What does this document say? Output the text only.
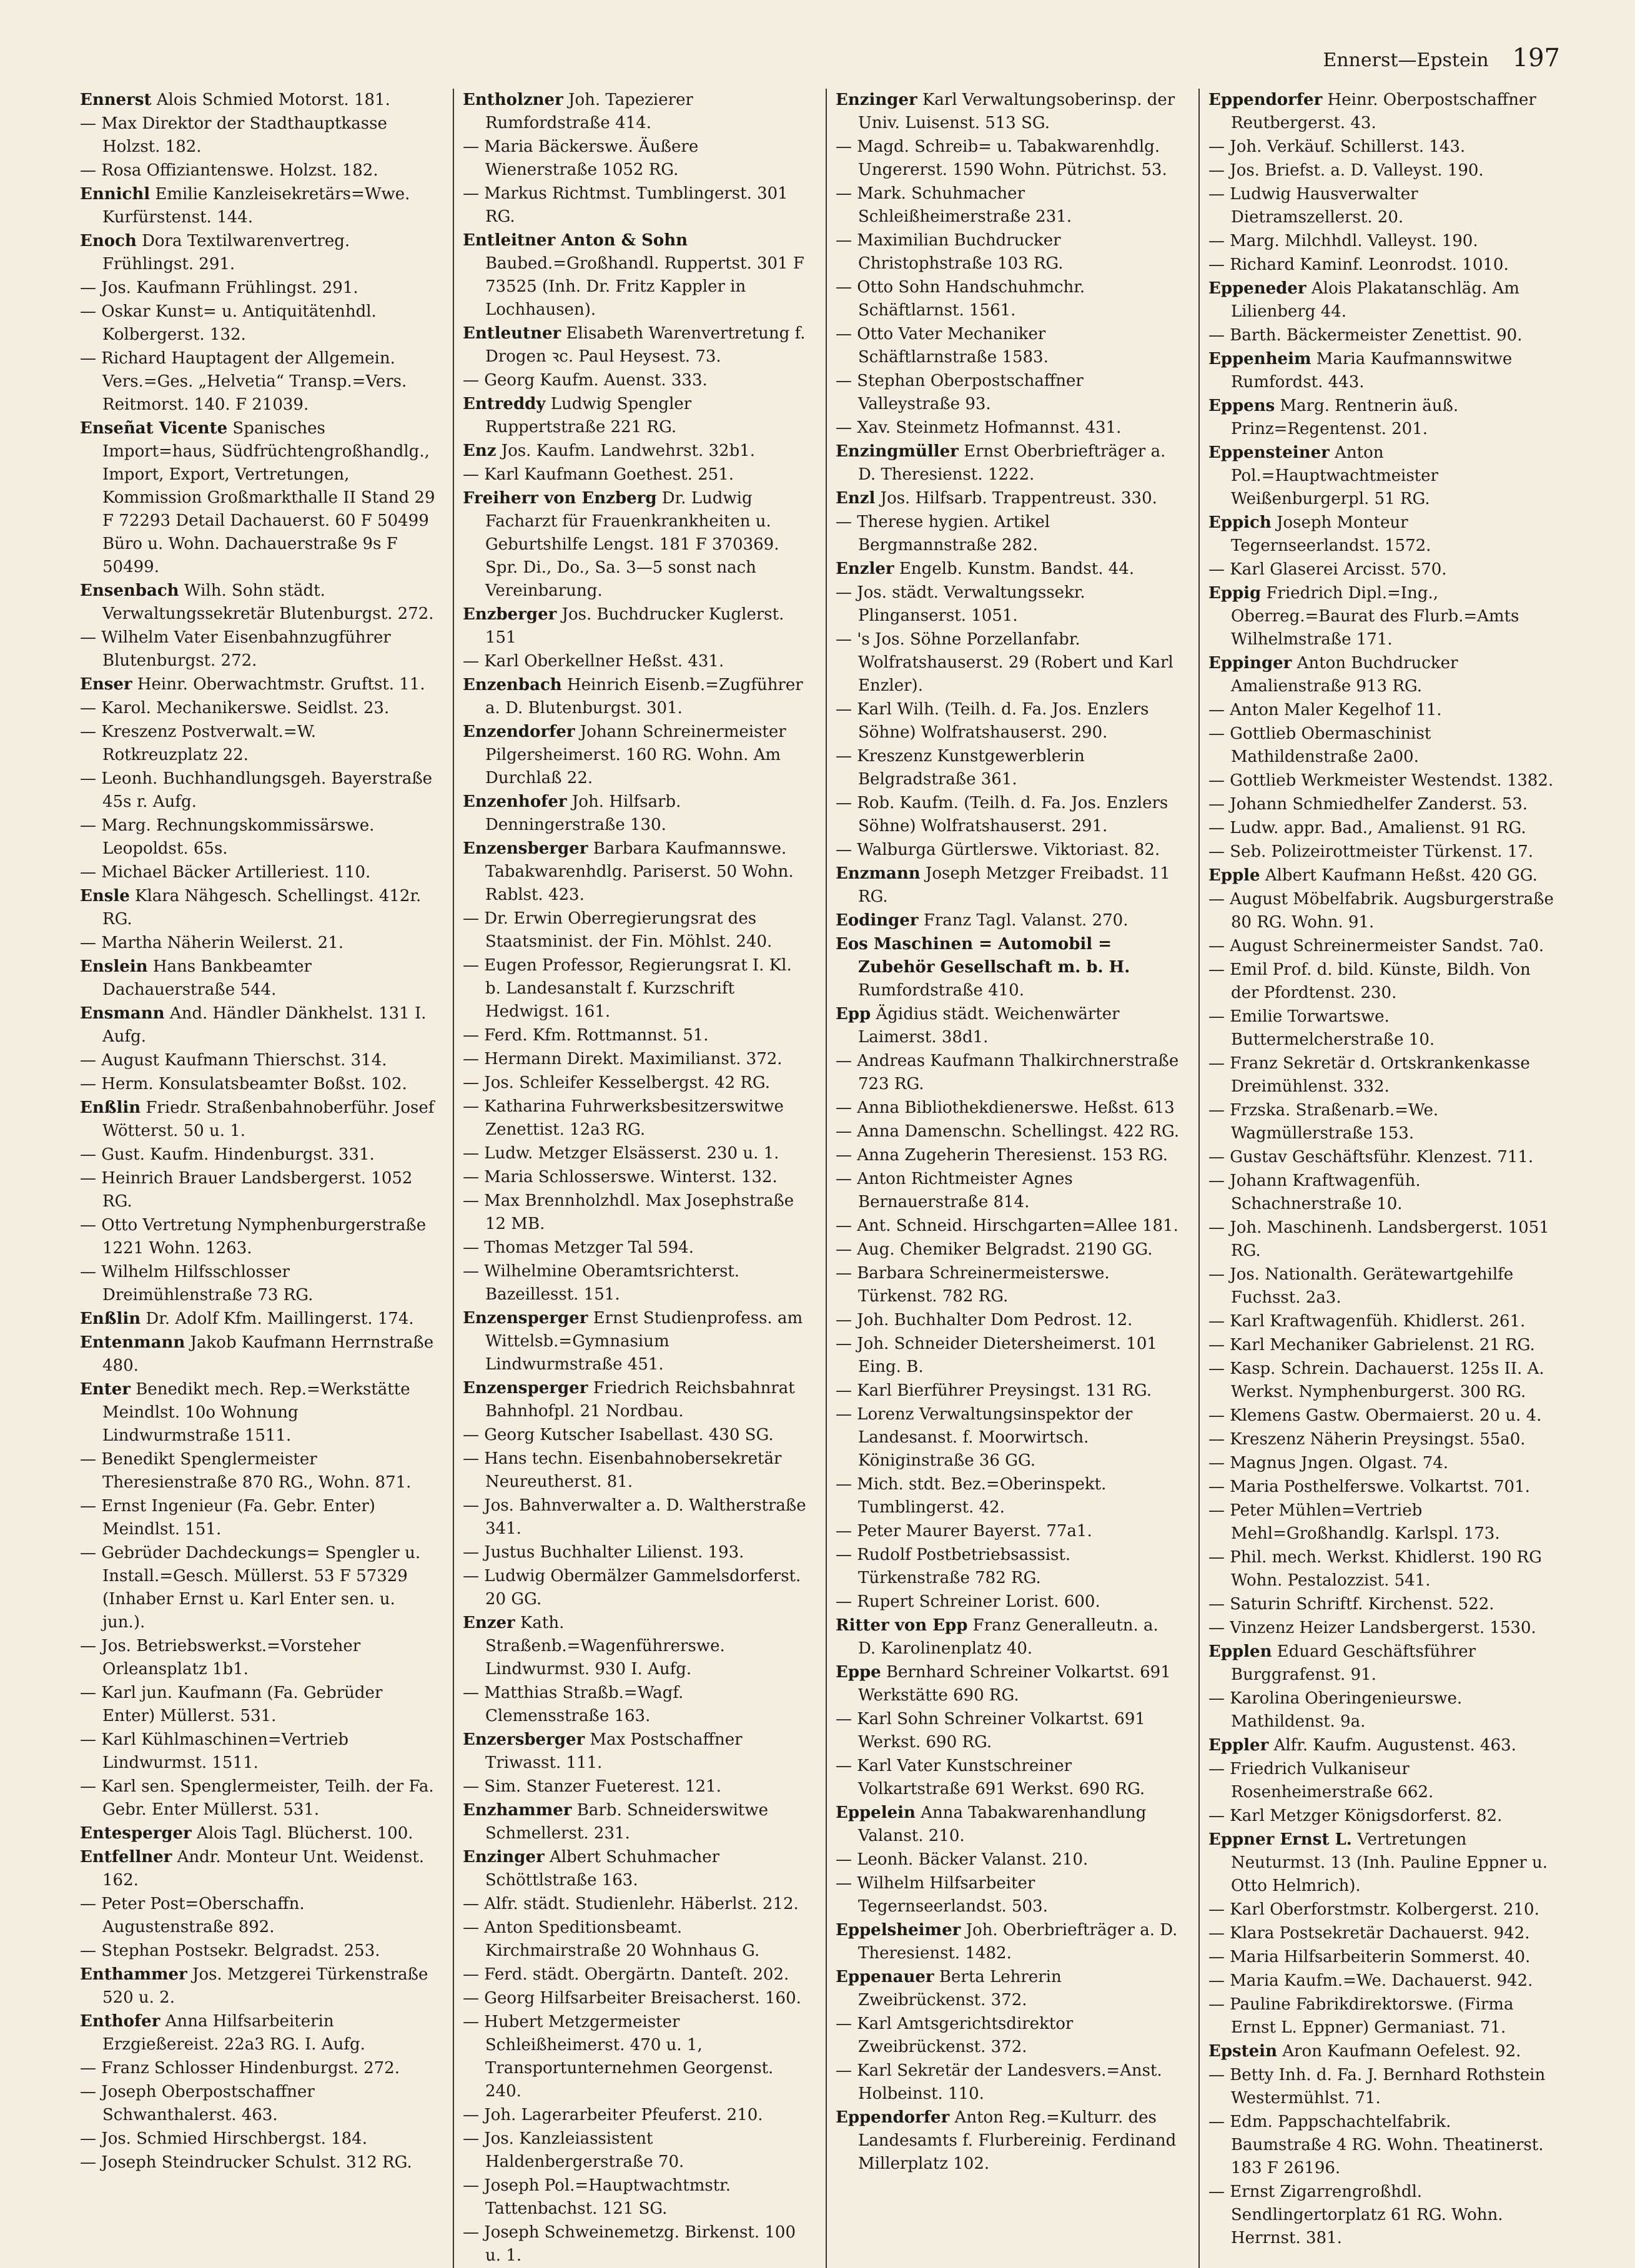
Ennerst—Epstein 197
Ennerst Alois Schmied Motorst. 181.
— Max Direktor der Stadthauptkasse Holzst. 182.
— Rosa Offiziantenswe. Holzst. 182.
Ennichl Emilie Kanzleisekretärs=Wwe. Kurfürstenst. 144.
Enoch Dora Textilwarenvertreg. Frühlingst. 291.
— Jos. Kaufmann Frühlingst. 291.
— Oskar Kunst= u. Antiquitätenhdl. Kolbergerst. 132.
— Richard Hauptagent der Allgemein. Vers.=Ges. „Helvetia“ Transp.=Vers. Reitmorst. 140. F 21039.
Enseñat Vicente Spanisches Import=haus, Südfrüchtengroßhandlg., Import, Export, Vertretungen, Kommission Großmarkthalle II Stand 29 F 72293 Detail Dachauerst. 60 F 50499 Büro u. Wohn. Dachauerstraße 9s F 50499.
Ensenbach Wilh. Sohn städt. Verwaltungssekretär Blutenburgst. 272.
— Wilhelm Vater Eisenbahnzugführer Blutenburgst. 272.
Enser Heinr. Oberwachtmstr. Gruftst. 11.
— Karol. Mechanikerswe. Seidlst. 23.
— Kreszenz Postverwalt.=W. Rotkreuzplatz 22.
— Leonh. Buchhandlungsgeh. Bayerstraße 45s r. Aufg.
— Marg. Rechnungskommissärswe. Leopoldst. 65s.
— Michael Bäcker Artilleriest. 110.
Ensle Klara Nähgesch. Schellingst. 412r. RG.
— Martha Näherin Weilerst. 21.
Enslein Hans Bankbeamter Dachauerstraße 544.
Ensmann And. Händler Dänkhelst. 131 I. Aufg.
— August Kaufmann Thierschst. 314.
— Herm. Konsulatsbeamter Boßst. 102.
Enßlin Friedr. Straßenbahnoberführ. Josef Wötterst. 50 u. 1.
— Gust. Kaufm. Hindenburgst. 331.
— Heinrich Brauer Landsbergerst. 1052 RG.
— Otto Vertretung Nymphenburgerstraße 1221 Wohn. 1263.
— Wilhelm Hilfsschlosser Dreimühlenstraße 73 RG.
Enßlin Dr. Adolf Kfm. Maillingerst. 174.
Entenmann Jakob Kaufmann Herrnstraße 480.
Enter Benedikt mech. Rep.=Werkstätte Meindlst. 10o Wohnung Lindwurmstraße 1511.
— Benedikt Spenglermeister Theresienstraße 870 RG., Wohn. 871.
— Ernst Ingenieur (Fa. Gebr. Enter) Meindlst. 151.
— Gebrüder Dachdeckungs= Spengler u. Install.=Gesch. Müllerst. 53 F 57329 (Inhaber Ernst u. Karl Enter sen. u. jun.).
— Jos. Betriebswerkst.=Vorsteher Orleansplatz 1b1.
— Karl jun. Kaufmann (Fa. Gebrüder Enter) Müllerst. 531.
— Karl Kühlmaschinen=Vertrieb Lindwurmst. 1511.
— Karl sen. Spenglermeister, Teilh. der Fa. Gebr. Enter Müllerst. 531.
Entesperger Alois Tagl. Blücherst. 100.
Entfellner Andr. Monteur Unt. Weidenst. 162.
— Peter Post=Oberschaffn. Augustenstraße 892.
— Stephan Postsekr. Belgradst. 253.
Enthammer Jos. Metzgerei Türkenstraße 520 u. 2.
Enthofer Anna Hilfsarbeiterin Erzgießereist. 22a3 RG. I. Aufg.
— Franz Schlosser Hindenburgst. 272.
— Joseph Oberpostschaffner Schwanthalerst. 463.
— Jos. Schmied Hirschbergst. 184.
— Joseph Steindrucker Schulst. 312 RG.
Entholzner Joh. Tapezierer Rumfordstraße 414.
— Maria Bäckerswe. Äußere Wienerstraße 1052 RG.
— Markus Richtmst. Tumblingerst. 301 RG.
Entleitner Anton & Sohn Baubed.=Großhandl. Ruppertst. 301 F 73525 (Inh. Dr. Fritz Kappler in Lochhausen).
Entleutner Elisabeth Warenvertretung f. Drogen ꝛc. Paul Heysest. 73.
— Georg Kaufm. Auenst. 333.
Entreddy Ludwig Spengler Ruppertstraße 221 RG.
Enz Jos. Kaufm. Landwehrst. 32b1.
— Karl Kaufmann Goethest. 251.
Freiherr von Enzberg Dr. Ludwig Facharzt für Frauenkrankheiten u. Geburtshilfe Lengst. 181 F 370369. Spr. Di., Do., Sa. 3—5 sonst nach Vereinbarung.
Enzberger Jos. Buchdrucker Kuglerst. 151
— Karl Oberkellner Heßst. 431.
Enzenbach Heinrich Eisenb.=Zugführer a. D. Blutenburgst. 301.
Enzendorfer Johann Schreinermeister Pilgersheimerst. 160 RG. Wohn. Am Durchlaß 22.
Enzenhofer Joh. Hilfsarb. Denningerstraße 130.
Enzensberger Barbara Kaufmannswe. Tabakwarenhdlg. Pariserst. 50 Wohn. Rablst. 423.
— Dr. Erwin Oberregierungsrat des Staatsminist. der Fin. Möhlst. 240.
— Eugen Professor, Regierungsrat I. Kl. b. Landesanstalt f. Kurzschrift Hedwigst. 161.
— Ferd. Kfm. Rottmannst. 51.
— Hermann Direkt. Maximilianst. 372.
— Jos. Schleifer Kesselbergst. 42 RG.
— Katharina Fuhrwerksbesitzerswitwe Zenettist. 12a3 RG.
— Ludw. Metzger Elsässerst. 230 u. 1.
— Maria Schlosserswe. Winterst. 132.
— Max Brennholzhdl. Max Josephstraße 12 MB.
— Thomas Metzger Tal 594.
— Wilhelmine Oberamtsrichterst. Bazeillesst. 151.
Enzensperger Ernst Studienprofess. am Wittelsb.=Gymnasium Lindwurmstraße 451.
Enzensperger Friedrich Reichsbahnrat Bahnhofpl. 21 Nordbau.
— Georg Kutscher Isabellast. 430 SG.
— Hans techn. Eisenbahnobersekretär Neureutherst. 81.
— Jos. Bahnverwalter a. D. Waltherstraße 341.
— Justus Buchhalter Lilienst. 193.
— Ludwig Obermälzer Gammelsdorferst. 20 GG.
Enzer Kath. Straßenb.=Wagenführerswe. Lindwurmst. 930 I. Aufg.
— Matthias Straßb.=Wagf. Clemensstraße 163.
Enzersberger Max Postschaffner Triwasst. 111.
— Sim. Stanzer Fueterest. 121.
Enzhammer Barb. Schneiderswitwe Schmellerst. 231.
Enzinger Albert Schuhmacher Schöttlstraße 163.
— Alfr. städt. Studienlehr. Häberlst. 212.
— Anton Speditionsbeamt. Kirchmairstraße 20 Wohnhaus G.
— Ferd. städt. Obergärtn. Danteſt. 202.
— Georg Hilfsarbeiter Breisacherst. 160.
— Hubert Metzgermeister Schleißheimerst. 470 u. 1, Transportunternehmen Georgenst. 240.
— Joh. Lagerarbeiter Pfeuferst. 210.
— Jos. Kanzleiassistent Haldenbergerstraße 70.
— Joseph Pol.=Hauptwachtmstr. Tattenbachst. 121 SG.
— Joseph Schweinemetzg. Birkenst. 100 u. 1.
Enzinger Karl Verwaltungsoberinsp. der Univ. Luisenst. 513 SG.
— Magd. Schreib= u. Tabakwarenhdlg. Ungererst. 1590 Wohn. Pütrichst. 53.
— Mark. Schuhmacher Schleißheimerstraße 231.
— Maximilian Buchdrucker Christophstraße 103 RG.
— Otto Sohn Handschuhmchr. Schäftlarnst. 1561.
— Otto Vater Mechaniker Schäftlarnstraße 1583.
— Stephan Oberpostschaffner Valleystraße 93.
— Xav. Steinmetz Hofmannst. 431.
Enzingmüller Ernst Oberbriefträger a. D. Theresienst. 1222.
Enzl Jos. Hilfsarb. Trappentreust. 330.
— Therese hygien. Artikel Bergmannstraße 282.
Enzler Engelb. Kunstm. Bandst. 44.
— Jos. städt. Verwaltungssekr. Plinganserst. 1051.
— 's Jos. Söhne Porzellanfabr. Wolfratshauserst. 29 (Robert und Karl Enzler).
— Karl Wilh. (Teilh. d. Fa. Jos. Enzlers Söhne) Wolfratshauserst. 290.
— Kreszenz Kunstgewerblerin Belgradstraße 361.
— Rob. Kaufm. (Teilh. d. Fa. Jos. Enzlers Söhne) Wolfratshauserst. 291.
— Walburga Gürtlerswe. Viktoriast. 82.
Enzmann Joseph Metzger Freibadst. 11 RG.
Eodinger Franz Tagl. Valanst. 270.
Eos Maschinen = Automobil = Zubehör Gesellschaft m. b. H. Rumfordstraße 410.
Epp Ägidius städt. Weichenwärter Laimerst. 38d1.
— Andreas Kaufmann Thalkirchnerstraße 723 RG.
— Anna Bibliothekdienerswe. Heßst. 613
— Anna Damenschn. Schellingst. 422 RG.
— Anna Zugeherin Theresienst. 153 RG.
— Anton Richtmeister Agnes Bernauerstraße 814.
— Ant. Schneid. Hirschgarten=Allee 181.
— Aug. Chemiker Belgradst. 2190 GG.
— Barbara Schreinermeisterswe. Türkenst. 782 RG.
— Joh. Buchhalter Dom Pedrost. 12.
— Joh. Schneider Dietersheimerst. 101 Eing. B.
— Karl Bierführer Preysingst. 131 RG.
— Lorenz Verwaltungsinspektor der Landesanst. f. Moorwirtsch. Königinstraße 36 GG.
— Mich. stdt. Bez.=Oberinspekt. Tumblingerst. 42.
— Peter Maurer Bayerst. 77a1.
— Rudolf Postbetriebsassist. Türkenstraße 782 RG.
— Rupert Schreiner Lorist. 600.
Ritter von Epp Franz Generalleutn. a. D. Karolinenplatz 40.
Eppe Bernhard Schreiner Volkartst. 691 Werkstätte 690 RG.
— Karl Sohn Schreiner Volkartst. 691 Werkst. 690 RG.
— Karl Vater Kunstschreiner Volkartstraße 691 Werkst. 690 RG.
Eppelein Anna Tabakwarenhandlung Valanst. 210.
— Leonh. Bäcker Valanst. 210.
— Wilhelm Hilfsarbeiter Tegernseerlandst. 503.
Eppelsheimer Joh. Oberbriefträger a. D. Theresienst. 1482.
Eppenauer Berta Lehrerin Zweibrückenst. 372.
— Karl Amtsgerichtsdirektor Zweibrückenst. 372.
— Karl Sekretär der Landesvers.=Anst. Holbeinst. 110.
Eppendorfer Anton Reg.=Kulturr. des Landesamts f. Flurbereinig. Ferdinand Millerplatz 102.
Eppendorfer Heinr. Oberpostschaffner Reutbergerst. 43.
— Joh. Verkäuf. Schillerst. 143.
— Jos. Briefst. a. D. Valleyst. 190.
— Ludwig Hausverwalter Dietramszellerst. 20.
— Marg. Milchhdl. Valleyst. 190.
— Richard Kaminf. Leonrodst. 1010.
Eppeneder Alois Plakatanschläg. Am Lilienberg 44.
— Barth. Bäckermeister Zenettist. 90.
Eppenheim Maria Kaufmannswitwe Rumfordst. 443.
Eppens Marg. Rentnerin äuß. Prinz=Regentenst. 201.
Eppensteiner Anton Pol.=Hauptwachtmeister Weißenburgerpl. 51 RG.
Eppich Joseph Monteur Tegernseerlandst. 1572.
— Karl Glaserei Arcisst. 570.
Eppig Friedrich Dipl.=Ing., Oberreg.=Baurat des Flurb.=Amts Wilhelmstraße 171.
Eppinger Anton Buchdrucker Amalienstraße 913 RG.
— Anton Maler Kegelhof 11.
— Gottlieb Obermaschinist Mathildenstraße 2a00.
— Gottlieb Werkmeister Westendst. 1382.
— Johann Schmiedhelfer Zanderst. 53.
— Ludw. appr. Bad., Amalienst. 91 RG.
— Seb. Polizeirottmeister Türkenst. 17.
Epple Albert Kaufmann Heßst. 420 GG.
— August Möbelfabrik. Augsburgerstraße 80 RG. Wohn. 91.
— August Schreinermeister Sandst. 7a0.
— Emil Prof. d. bild. Künste, Bildh. Von der Pfordtenst. 230.
— Emilie Torwartswe. Buttermelcherstraße 10.
— Franz Sekretär d. Ortskrankenkasse Dreimühlenst. 332.
— Frzska. Straßenarb.=We. Wagmüllerstraße 153.
— Gustav Geschäftsführ. Klenzest. 711.
— Johann Kraftwagenfüh. Schachnerstraße 10.
— Joh. Maschinenh. Landsbergerst. 1051 RG.
— Jos. Nationalth. Gerätewartgehilfe Fuchsst. 2a3.
— Karl Kraftwagenfüh. Khidlerst. 261.
— Karl Mechaniker Gabrielenst. 21 RG.
— Kasp. Schrein. Dachauerst. 125s II. A. Werkst. Nymphenburgerst. 300 RG.
— Klemens Gastw. Obermaierst. 20 u. 4.
— Kreszenz Näherin Preysingst. 55a0.
— Magnus Jngen. Olgast. 74.
— Maria Posthelferswe. Volkartst. 701.
— Peter Mühlen=Vertrieb Mehl=Großhandlg. Karlspl. 173.
— Phil. mech. Werkst. Khidlerst. 190 RG Wohn. Pestalozzist. 541.
— Saturin Schriftf. Kirchenst. 522.
— Vinzenz Heizer Landsbergerst. 1530.
Epplen Eduard Geschäftsführer Burggrafenst. 91.
— Karolina Oberingenieurswe. Mathildenst. 9a.
Eppler Alfr. Kaufm. Augustenst. 463.
— Friedrich Vulkaniseur Rosenheimerstraße 662.
— Karl Metzger Königsdorferst. 82.
Eppner Ernst L. Vertretungen Neuturmst. 13 (Inh. Pauline Eppner u. Otto Helmrich).
— Karl Oberforstmstr. Kolbergerst. 210.
— Klara Postsekretär Dachauerst. 942.
— Maria Hilfsarbeiterin Sommerst. 40.
— Maria Kaufm.=We. Dachauerst. 942.
— Pauline Fabrikdirektorswe. (Firma Ernst L. Eppner) Germaniast. 71.
Epstein Aron Kaufmann Oefelest. 92.
— Betty Inh. d. Fa. J. Bernhard Rothstein Westermühlst. 71.
— Edm. Pappschachtelfabrik. Baumstraße 4 RG. Wohn. Theatinerst. 183 F 26196.
— Ernst Zigarrengroßhdl. Sendlingertorplatz 61 RG. Wohn. Herrnst. 381.
